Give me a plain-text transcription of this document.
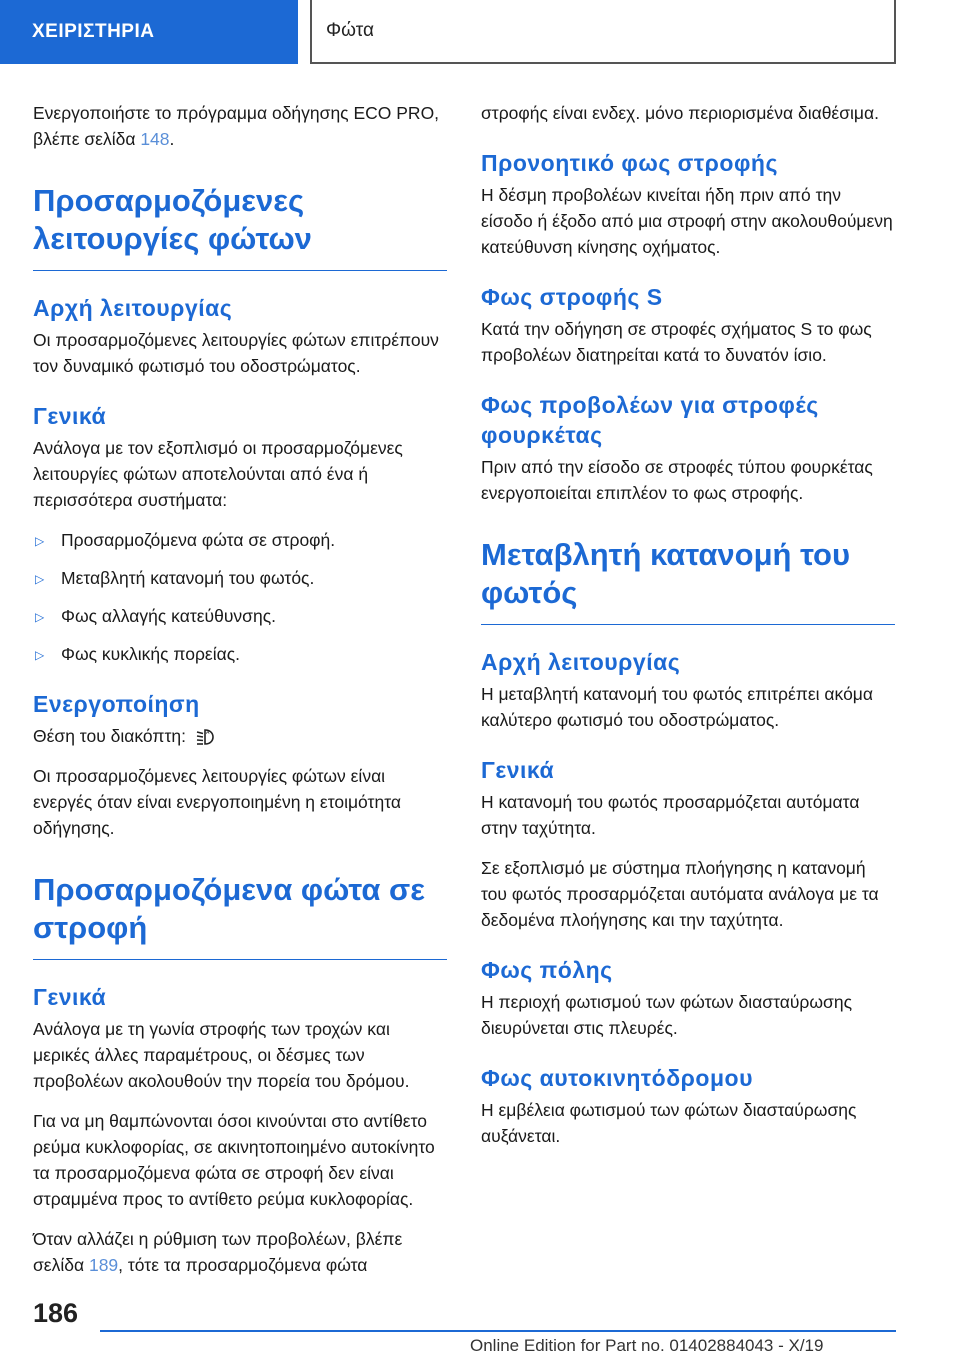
ΧΕΙΡΙΣΤΗΡΙΑ	Φώτα

Ενεργοποιήστε το πρόγραμμα οδήγησης ECO PRO, βλέπε σελίδα 148.

Προσαρμοζόμενες λειτουργίες φώτων
Αρχή λειτουργίας

Οι προσαρμοζόμενες λειτουργίες φώτων επιτρέπουν τον δυναμικό φωτισμό του οδοστρώματος.

Γενικά

Ανάλογα με τον εξοπλισμό οι προσαρμοζόμενες λειτουργίες φώτων αποτελούνται από ένα ή περισσότερα συστήματα:

▷ Προσαρμοζόμενα φώτα σε στροφή.
▷ Μεταβλητή κατανομή του φωτός.
▷ Φως αλλαγής κατεύθυνσης.
▷ Φως κυκλικής πορείας.
Ενεργοποίηση

Θέση του διακόπτη:	A

Οι προσαρμοζόμενες λειτουργίες φώτων είναι ενεργές όταν είναι ενεργοποιημένη η ετοιμότητα οδήγησης.

Προσαρμοζόμενα φώτα σε στροφή
Γενικά

Ανάλογα με τη γωνία στροφής των τροχών και μερικές άλλες παραμέτρους, οι δέσμες των προβολέων ακολουθούν την πορεία του δρόμου.

Για να μη θαμπώνονται όσοι κινούνται στο αντίθετο ρεύμα κυκλοφορίας, σε ακινητοποιημένο αυτοκίνητο τα προσαρμοζόμενα φώτα σε στροφή δεν είναι στραμμένα προς το αντίθετο ρεύμα κυκλοφορίας.

Όταν αλλάζει η ρύθμιση των προβολέων, βλέπε σελίδα 189, τότε τα προσαρμοζόμενα φώτα

στροφής είναι ενδεχ. μόνο περιορισμένα διαθέσιμα.

Προνοητικό φως στροφής

Η δέσμη προβολέων κινείται ήδη πριν από την είσοδο ή έξοδο από μια στροφή στην ακολουθούμενη κατεύθυνση κίνησης οχήματος.

Φως στροφής S

Κατά την οδήγηση σε στροφές σχήματος S το φως προβολέων διατηρείται κατά το δυνατόν ίσιο.

Φως προβολέων για στροφές φουρκέτας

Πριν από την είσοδο σε στροφές τύπου φουρκέτας ενεργοποιείται επιπλέον το φως στροφής.

Μεταβλητή κατανομή του φωτός
Αρχή λειτουργίας

Η μεταβλητή κατανομή του φωτός επιτρέπει ακόμα καλύτερο φωτισμό του οδοστρώματος.

Γενικά

Η κατανομή του φωτός προσαρμόζεται αυτόματα στην ταχύτητα.

Σε εξοπλισμό με σύστημα πλοήγησης η κατανομή του φωτός προσαρμόζεται αυτόματα ανάλογα με τα δεδομένα πλοήγησης και την ταχύτητα.

Φως πόλης

Η περιοχή φωτισμού των φώτων διασταύρωσης διευρύνεται στις πλευρές.

Φως αυτοκινητόδρομου

Η εμβέλεια φωτισμού των φώτων διασταύρωσης αυξάνεται.

186
Online Edition for Part no. 01402884043 - X/19
